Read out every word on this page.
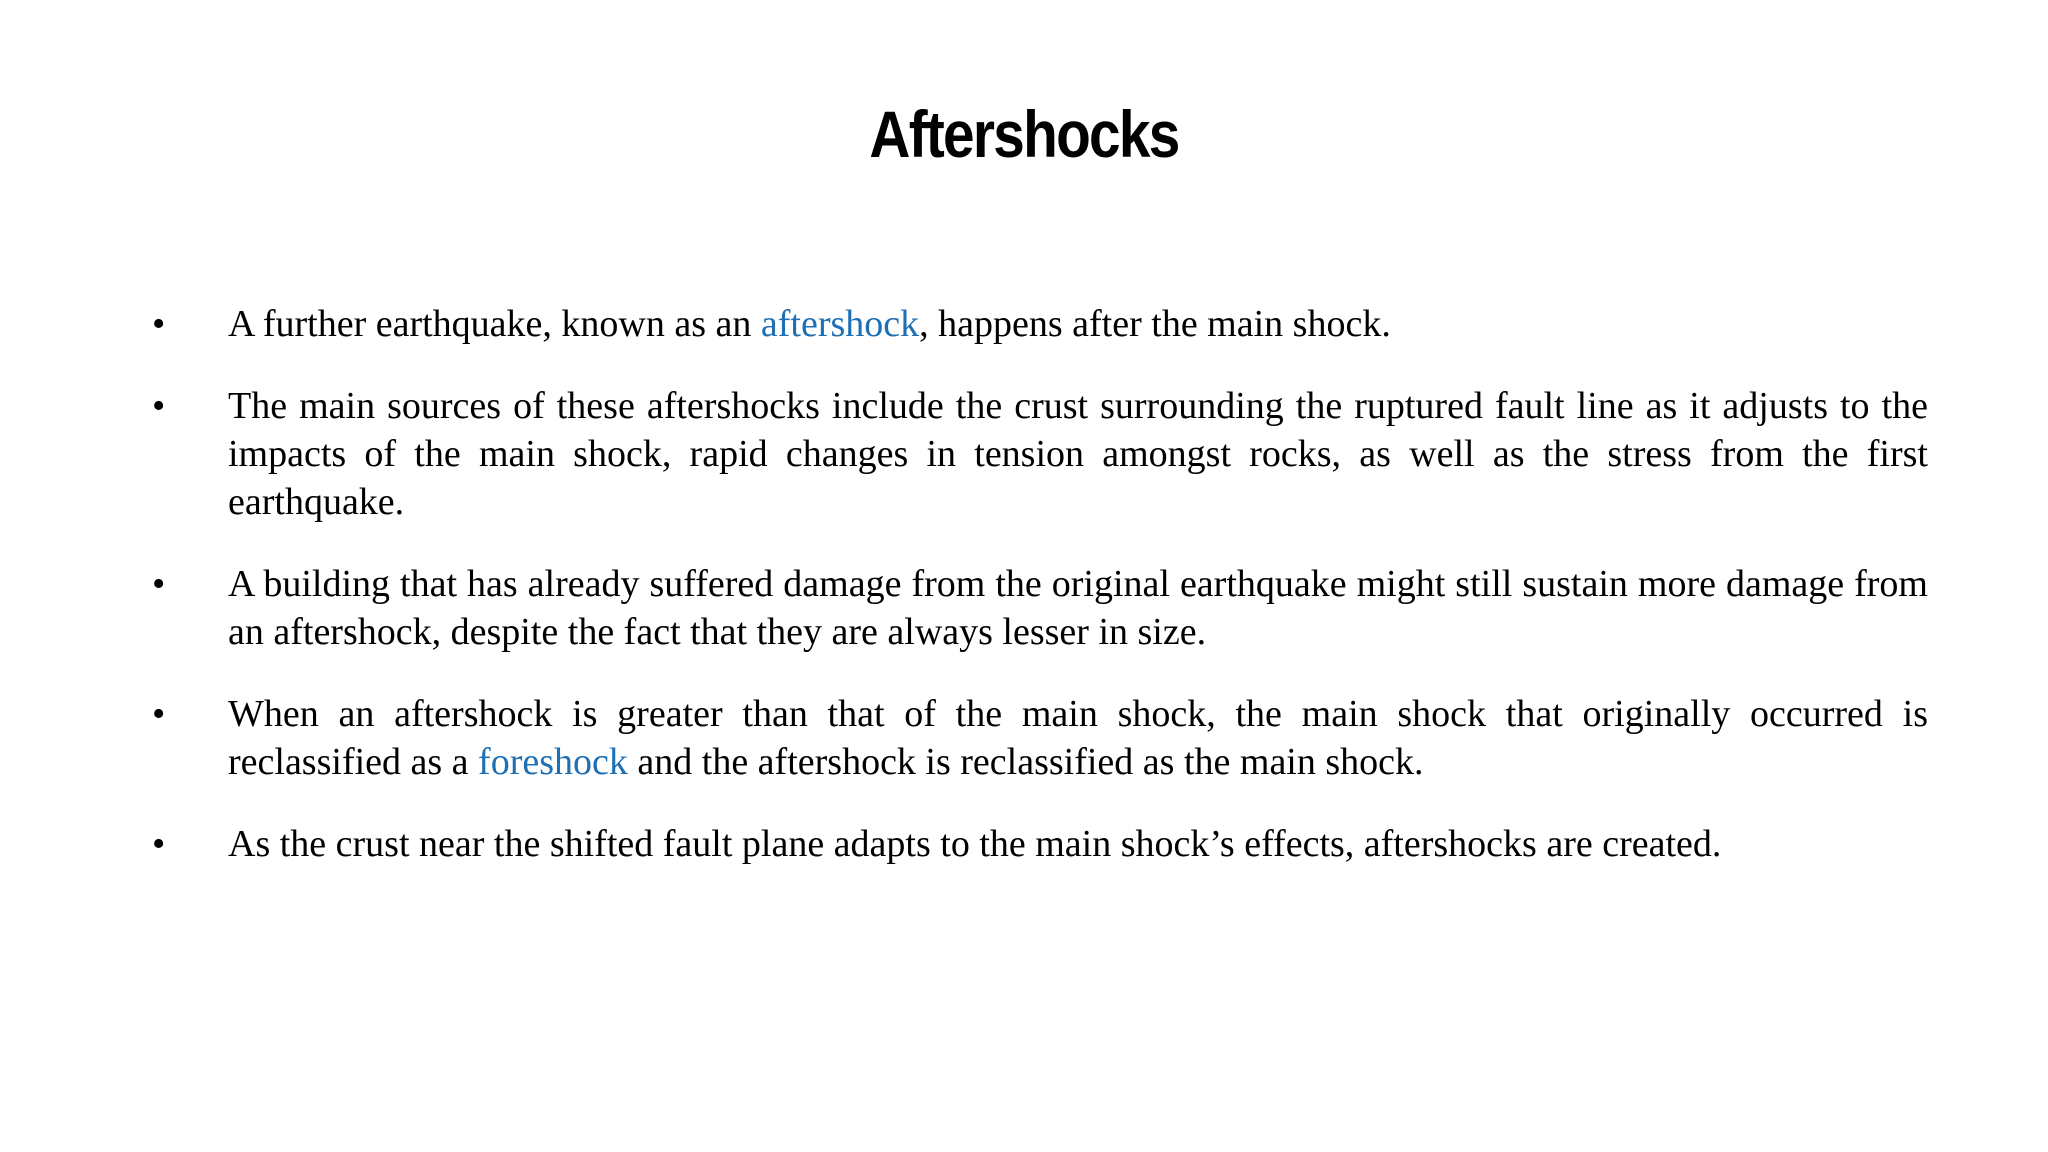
Aftershocks
• A further earthquake, known as an aftershock, happens after the main shock.
• The main sources of these aftershocks include the crust surrounding the ruptured fault line as it adjusts to the impacts of the main shock, rapid changes in tension amongst rocks, as well as the stress from the first earthquake.
• A building that has already suffered damage from the original earthquake might still sustain more damage from an aftershock, despite the fact that they are always lesser in size.
• When an aftershock is greater than that of the main shock, the main shock that originally occurred is reclassified as a foreshock and the aftershock is reclassified as the main shock.
• As the crust near the shifted fault plane adapts to the main shock’s effects, aftershocks are created.
